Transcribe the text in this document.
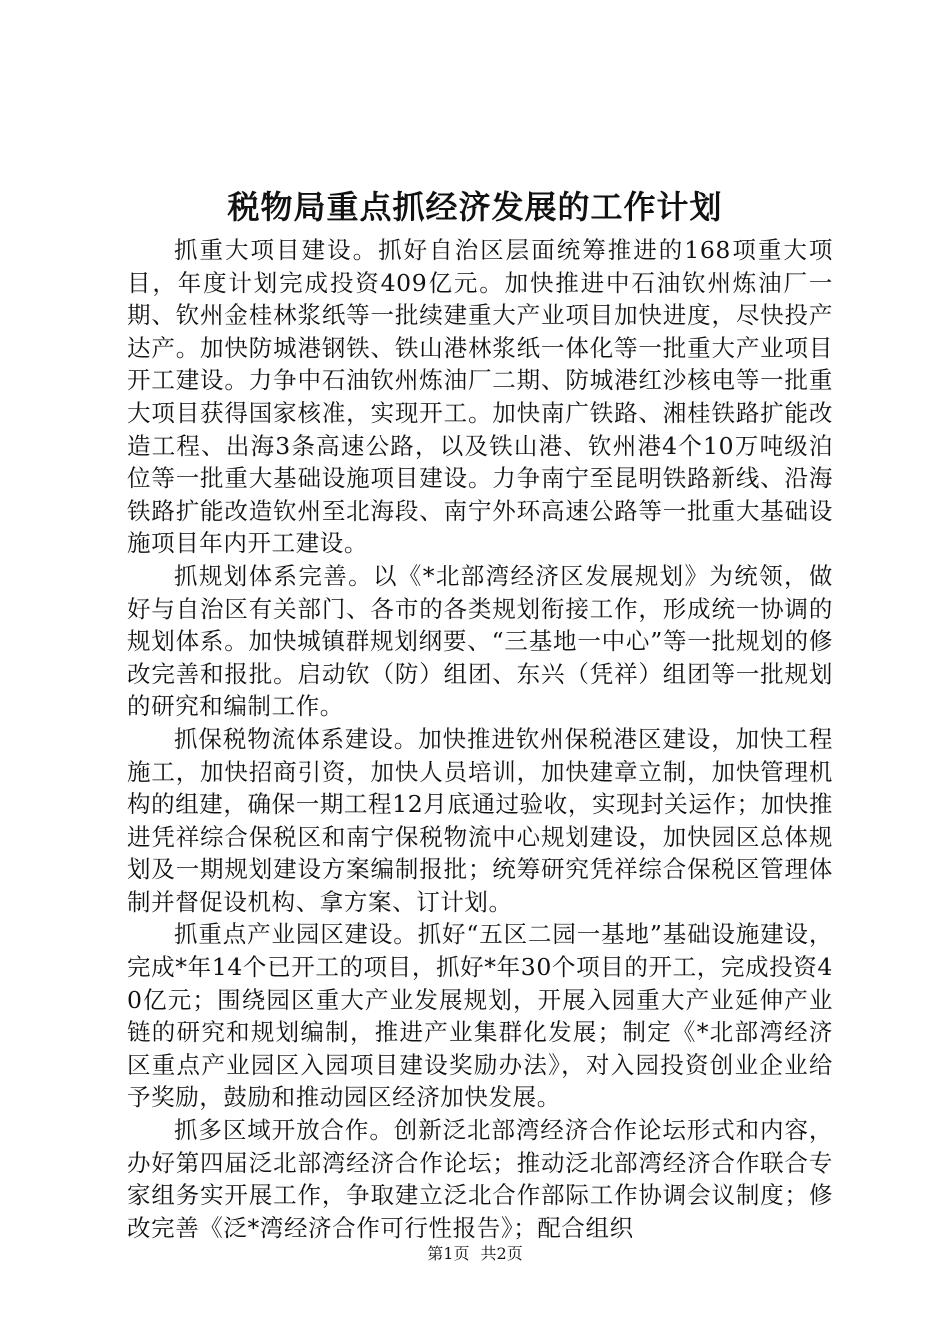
税物局重点抓经济发展的工作计划

抓重大项目建设。抓好自治区层面统筹推进的168项重大项目，年度计划完成投资409亿元。加快推进中石油钦州炼油厂一期、钦州金桂林浆纸等一批续建重大产业项目加快进度，尽快投产达产。加快防城港钢铁、铁山港林浆纸一体化等一批重大产业项目开工建设。力争中石油钦州炼油厂二期、防城港红沙核电等一批重大项目获得国家核准，实现开工。加快南广铁路、湘桂铁路扩能改造工程、出海3条高速公路，以及铁山港、钦州港4个10万吨级泊位等一批重大基础设施项目建设。力争南宁至昆明铁路新线、沿海铁路扩能改造钦州至北海段、南宁外环高速公路等一批重大基础设施项目年内开工建设。

抓规划体系完善。以《*北部湾经济区发展规划》为统领，做好与自治区有关部门、各市的各类规划衔接工作，形成统一协调的规划体系。加快城镇群规划纲要、“三基地一中心”等一批规划的修改完善和报批。启动钦（防）组团、东兴（凭祥）组团等一批规划的研究和编制工作。

抓保税物流体系建设。加快推进钦州保税港区建设，加快工程施工，加快招商引资，加快人员培训，加快建章立制，加快管理机构的组建，确保一期工程12月底通过验收，实现封关运作；加快推进凭祥综合保税区和南宁保税物流中心规划建设，加快园区总体规划及一期规划建设方案编制报批；统筹研究凭祥综合保税区管理体制并督促设机构、拿方案、订计划。

抓重点产业园区建设。抓好“五区二园一基地”基础设施建设，完成*年14个已开工的项目，抓好*年30个项目的开工，完成投资40亿元；围绕园区重大产业发展规划，开展入园重大产业延伸产业链的研究和规划编制，推进产业集群化发展；制定《*北部湾经济区重点产业园区入园项目建设奖励办法》，对入园投资创业企业给予奖励，鼓励和推动园区经济加快发展。

抓多区域开放合作。创新泛北部湾经济合作论坛形式和内容，办好第四届泛北部湾经济合作论坛；推动泛北部湾经济合作联合专家组务实开展工作，争取建立泛北合作部际工作协调会议制度；修改完善《泛*湾经济合作可行性报告》；配合组织

第1页 共2页
